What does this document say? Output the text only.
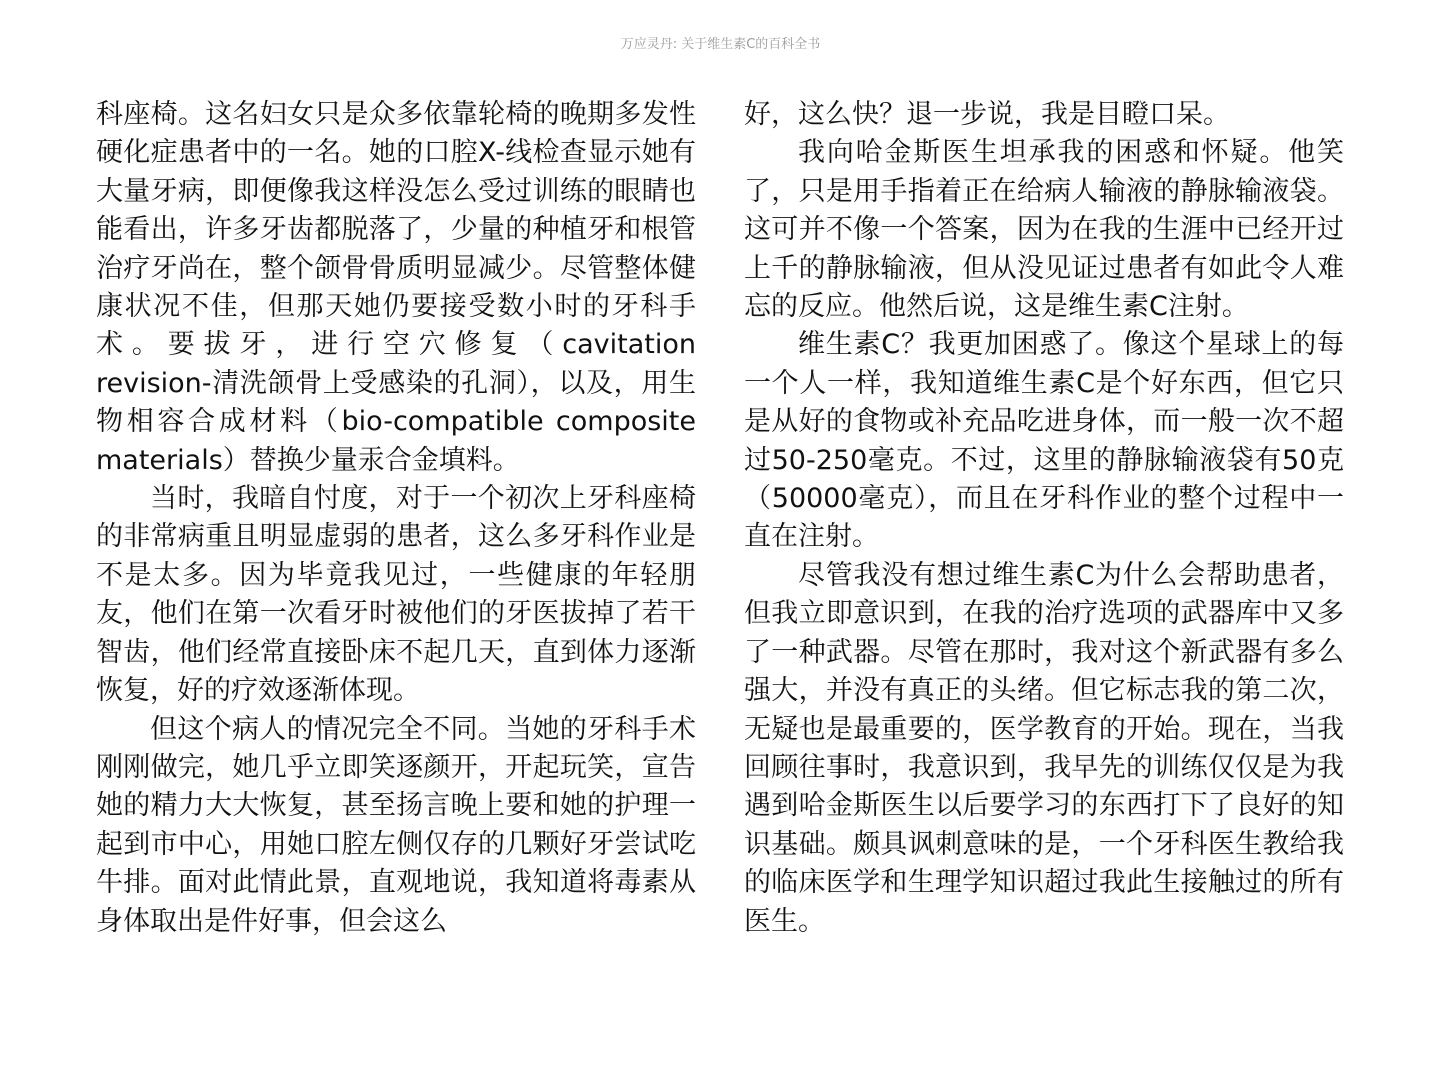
万应灵丹: 关于维生素C的百科全书

科座椅。这名妇女只是众多依靠轮椅的晚期多发性硬化症患者中的一名。她的口腔X-线检查显示她有大量牙病，即便像我这样没怎么受过训练的眼睛也能看出，许多牙齿都脱落了，少量的种植牙和根管治疗牙尚在，整个颌骨骨质明显减少。尽管整体健康状况不佳，但那天她仍要接受数小时的牙科手术。要拔牙，进行空穴修复（cavitation revision-清洗颌骨上受感染的孔洞），以及，用生物相容合成材料（bio-compatible composite materials）替换少量汞合金填料。

当时，我暗自忖度，对于一个初次上牙科座椅的非常病重且明显虚弱的患者，这么多牙科作业是不是太多。因为毕竟我见过，一些健康的年轻朋友，他们在第一次看牙时被他们的牙医拔掉了若干智齿，他们经常直接卧床不起几天，直到体力逐渐恢复，好的疗效逐渐体现。

但这个病人的情况完全不同。当她的牙科手术刚刚做完，她几乎立即笑逐颜开，开起玩笑，宣告她的精力大大恢复，甚至扬言晚上要和她的护理一起到市中心，用她口腔左侧仅存的几颗好牙尝试吃牛排。面对此情此景，直观地说，我知道将毒素从身体取出是件好事，但会这么

好，这么快？退一步说，我是目瞪口呆。

我向哈金斯医生坦承我的困惑和怀疑。他笑了，只是用手指着正在给病人输液的静脉输液袋。这可并不像一个答案，因为在我的生涯中已经开过上千的静脉输液，但从没见证过患者有如此令人难忘的反应。他然后说，这是维生素C注射。

维生素C？我更加困惑了。像这个星球上的每一个人一样，我知道维生素C是个好东西，但它只是从好的食物或补充品吃进身体，而一般一次不超过50-250毫克。不过，这里的静脉输液袋有50克（50000毫克），而且在牙科作业的整个过程中一直在注射。

尽管我没有想过维生素C为什么会帮助患者，但我立即意识到，在我的治疗选项的武器库中又多了一种武器。尽管在那时，我对这个新武器有多么强大，并没有真正的头绪。但它标志我的第二次，无疑也是最重要的，医学教育的开始。现在，当我回顾往事时，我意识到，我早先的训练仅仅是为我遇到哈金斯医生以后要学习的东西打下了良好的知识基础。颇具讽刺意味的是，一个牙科医生教给我的临床医学和生理学知识超过我此生接触过的所有医生。
